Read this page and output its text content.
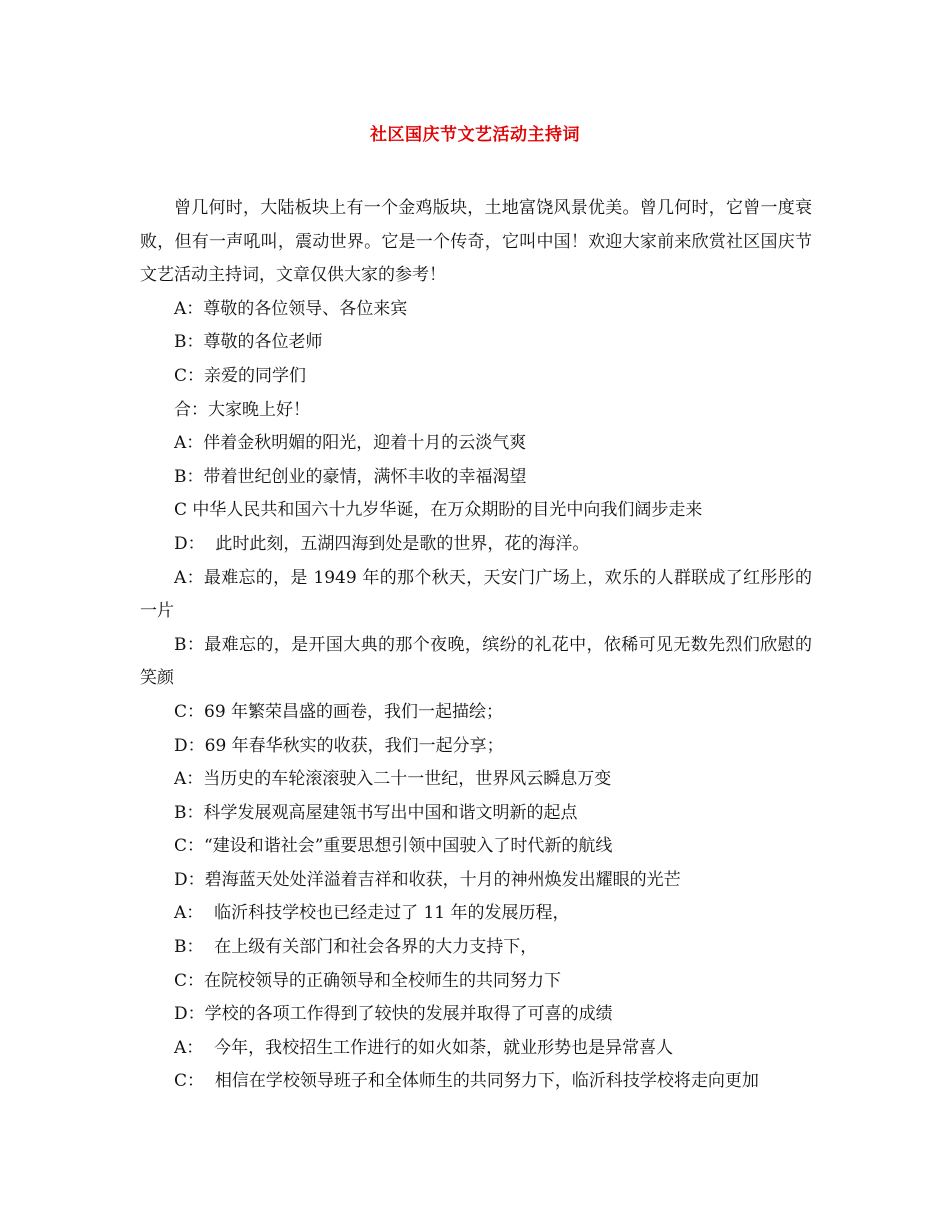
社区国庆节文艺活动主持词

曾几何时，大陆板块上有一个金鸡版块，土地富饶风景优美。曾几何时，它曾一度衰败，但有一声吼叫，震动世界。它是一个传奇，它叫中国！欢迎大家前来欣赏社区国庆节文艺活动主持词，文章仅供大家的参考！

A：尊敬的各位领导、各位来宾

B：尊敬的各位老师

C：亲爱的同学们

合：大家晚上好！

A：伴着金秋明媚的阳光，迎着十月的云淡气爽

B：带着世纪创业的豪情，满怀丰收的幸福渴望

C 中华人民共和国六十九岁华诞，在万众期盼的目光中向我们阔步走来

D：  此时此刻，五湖四海到处是歌的世界，花的海洋。

A：最难忘的，是 1949 年的那个秋天，天安门广场上，欢乐的人群联成了红彤彤的一片

B：最难忘的，是开国大典的那个夜晚，缤纷的礼花中，依稀可见无数先烈们欣慰的笑颜

C：69 年繁荣昌盛的画卷，我们一起描绘；

D：69 年春华秋实的收获，我们一起分享；

A：当历史的车轮滚滚驶入二十一世纪，世界风云瞬息万变

B：科学发展观高屋建瓴书写出中国和谐文明新的起点

C：“建设和谐社会”重要思想引领中国驶入了时代新的航线

D：碧海蓝天处处洋溢着吉祥和收获，十月的神州焕发出耀眼的光芒

A：  临沂科技学校也已经走过了 11 年的发展历程，

B：  在上级有关部门和社会各界的大力支持下，

C：在院校领导的正确领导和全校师生的共同努力下

D：学校的各项工作得到了较快的发展并取得了可喜的成绩

A：  今年，我校招生工作进行的如火如荼，就业形势也是异常喜人

C：  相信在学校领导班子和全体师生的共同努力下，临沂科技学校将走向更加
